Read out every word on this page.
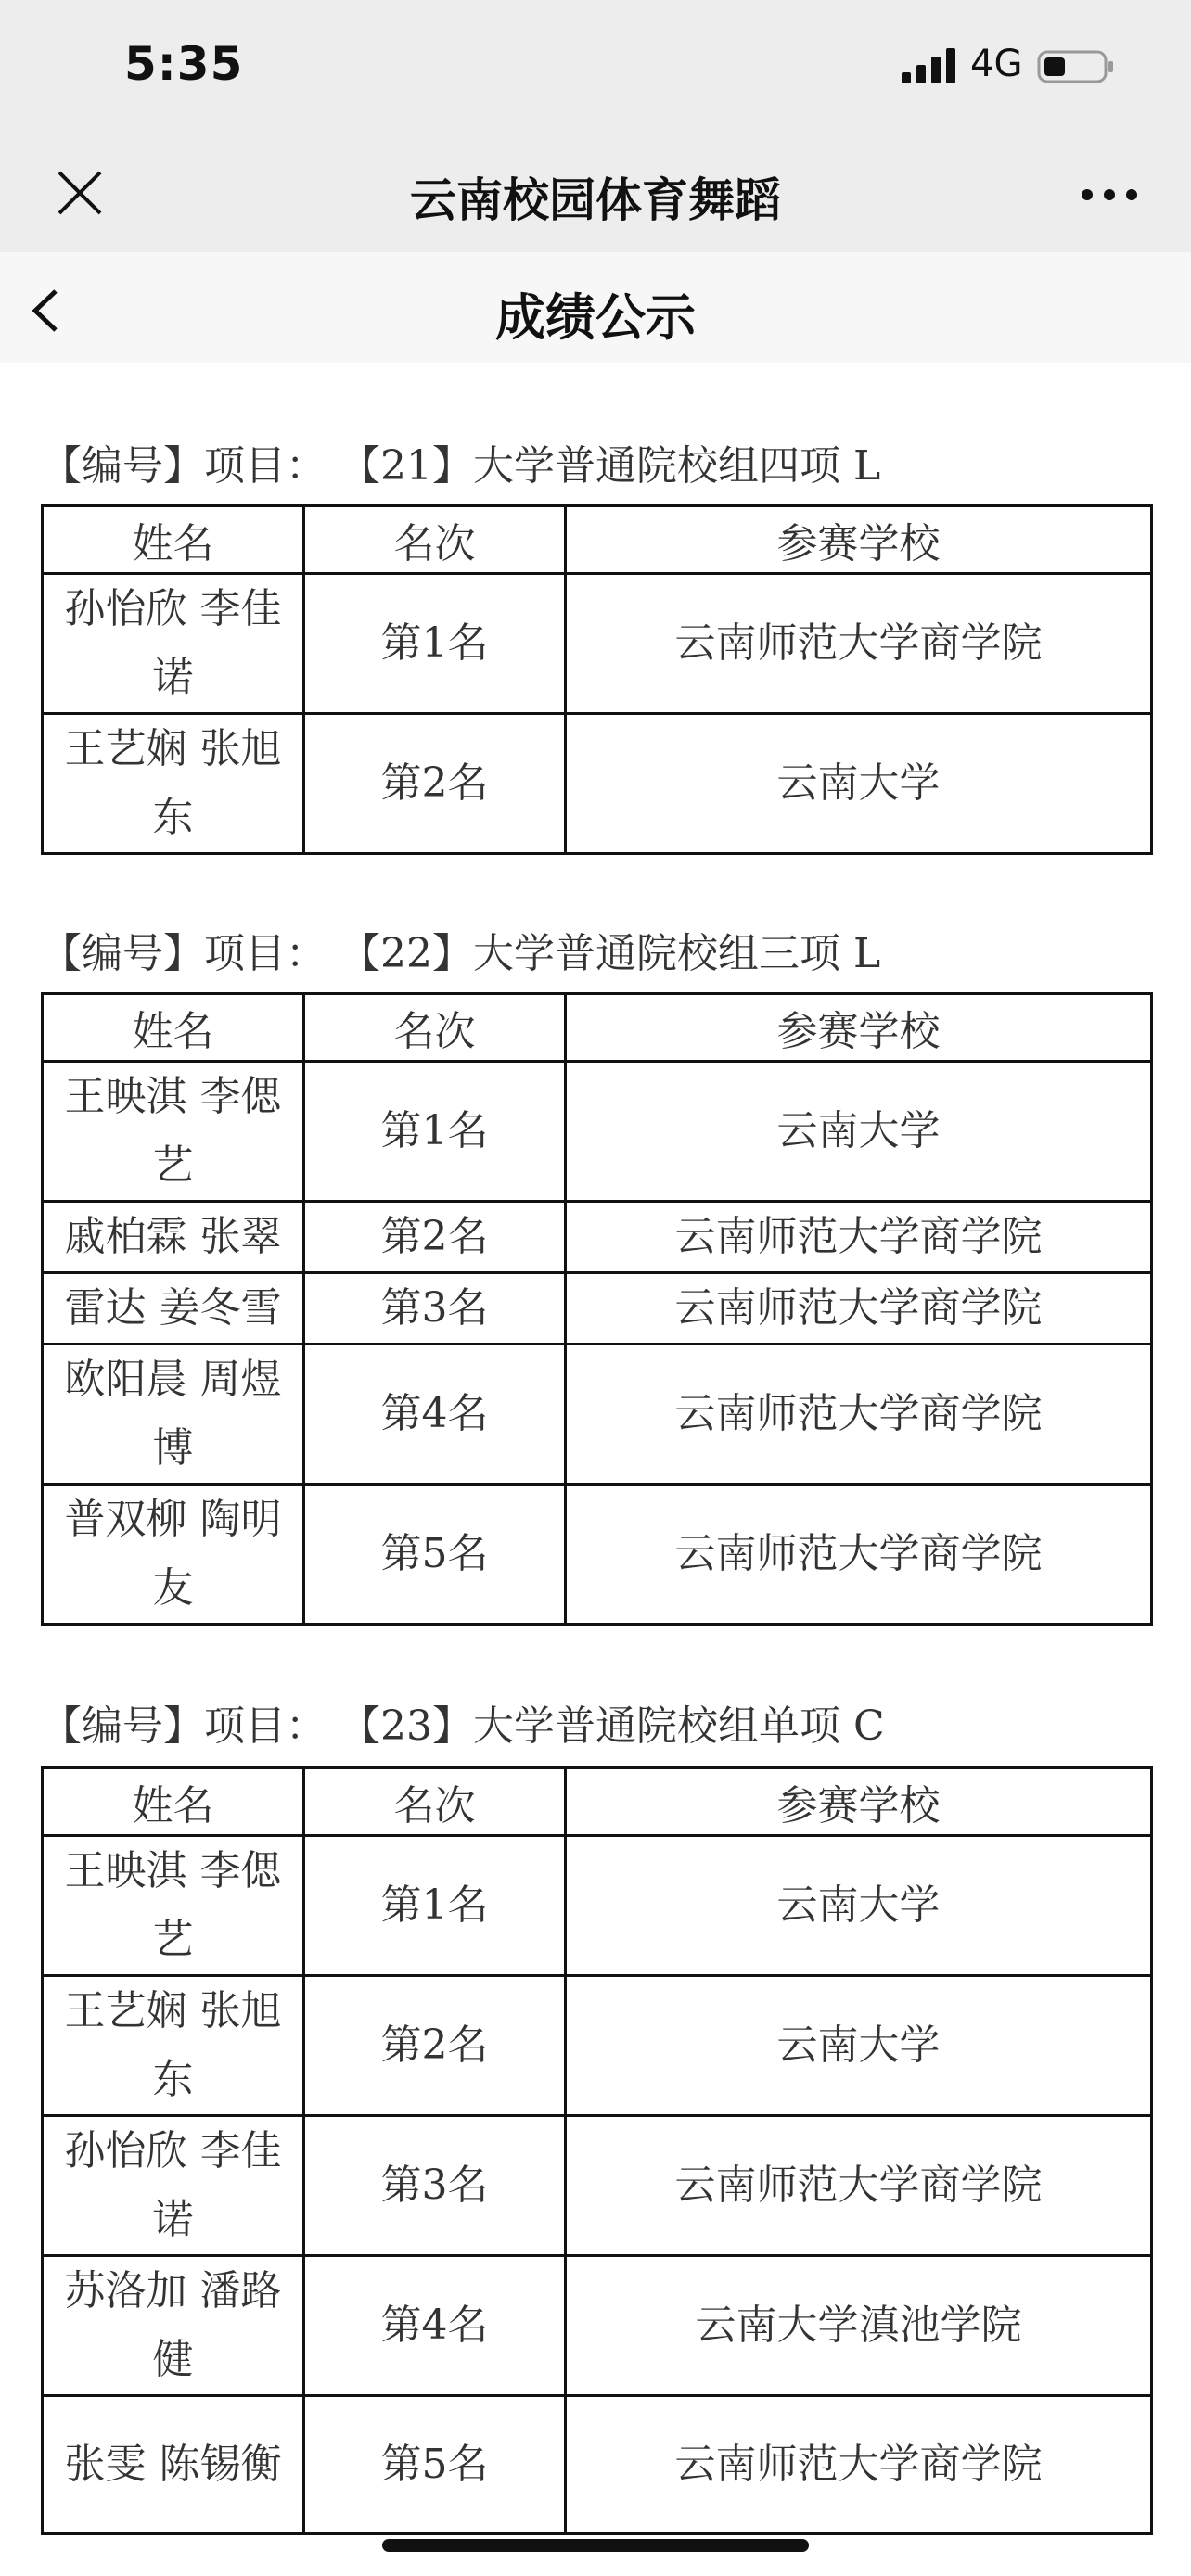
5:35	4G
云南校园体育舞蹈
成绩公示
【编号】项目： 【21】大学普通院校组四项 L
姓名	名次	参赛学校
孙怡欣 李佳诺	第1名	云南师范大学商学院
王艺娴 张旭东	第2名	云南大学
【编号】项目： 【22】大学普通院校组三项 L
姓名	名次	参赛学校
王映淇 李偲艺	第1名	云南大学
戚柏霖 张翠	第2名	云南师范大学商学院
雷达 姜冬雪	第3名	云南师范大学商学院
欧阳晨 周煜博	第4名	云南师范大学商学院
普双柳 陶明友	第5名	云南师范大学商学院
【编号】项目： 【23】大学普通院校组单项 C
姓名	名次	参赛学校
王映淇 李偲艺	第1名	云南大学
王艺娴 张旭东	第2名	云南大学
孙怡欣 李佳诺	第3名	云南师范大学商学院
苏洛加 潘路健	第4名	云南大学滇池学院
张雯 陈锡衡	第5名	云南师范大学商学院
